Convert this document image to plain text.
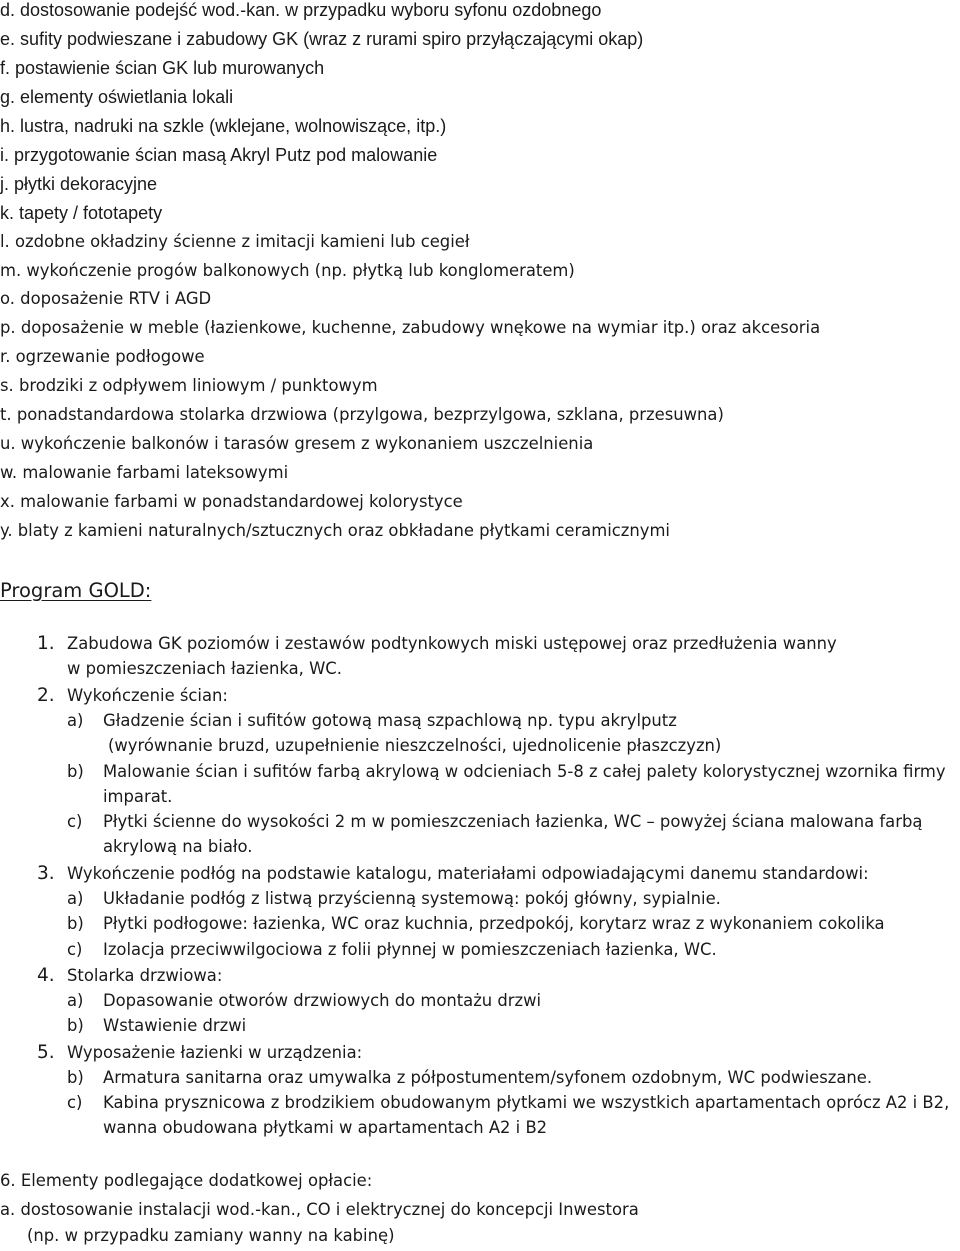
d. dostosowanie podejść wod.-kan. w przypadku wyboru syfonu ozdobnego
e. sufity podwieszane i zabudowy GK (wraz z rurami spiro przyłączającymi okap)
f. postawienie ścian GK lub murowanych
g. elementy oświetlania lokali
h. lustra, nadruki na szkle (wklejane, wolnowiszące, itp.)
i. przygotowanie ścian masą Akryl Putz pod malowanie
j. płytki dekoracyjne
k. tapety / fototapety
l. ozdobne okładziny ścienne z imitacji kamieni lub cegieł
m. wykończenie progów balkonowych (np. płytką lub konglomeratem)
o. doposażenie RTV i AGD
p. doposażenie w meble (łazienkowe, kuchenne, zabudowy wnękowe na wymiar itp.) oraz akcesoria
r. ogrzewanie podłogowe
s. brodziki z odpływem liniowym / punktowym
t. ponadstandardowa stolarka drzwiowa (przylgowa, bezprzylgowa, szklana, przesuwna)
u. wykończenie balkonów i tarasów gresem z wykonaniem uszczelnienia
w. malowanie farbami lateksowymi
x. malowanie farbami w ponadstandardowej kolorystyce
y. blaty z kamieni naturalnych/sztucznych oraz obkładane płytkami ceramicznymi
Program GOLD:
1. Zabudowa GK poziomów i zestawów podtynkowych miski ustępowej oraz przedłużenia wanny
w pomieszczeniach łazienka, WC.
2. Wykończenie ścian:
a) Gładzenie ścian i sufitów gotową masą szpachlową np. typu akrylputz
(wyrównanie bruzd, uzupełnienie nieszczelności, ujednolicenie płaszczyzn)
b) Malowanie ścian i sufitów farbą akrylową w odcieniach 5-8 z całej palety kolorystycznej wzornika firmy
imparat.
c) Płytki ścienne do wysokości 2 m w pomieszczeniach łazienka, WC – powyżej ściana malowana farbą
akrylową na biało.
3. Wykończenie podłóg na podstawie katalogu, materiałami odpowiadającymi danemu standardowi:
a) Układanie podłóg z listwą przyścienną systemową: pokój główny, sypialnie.
b) Płytki podłogowe: łazienka, WC oraz kuchnia, przedpokój, korytarz wraz z wykonaniem cokolika
c) Izolacja przeciwwilgociowa z folii płynnej w pomieszczeniach łazienka, WC.
4. Stolarka drzwiowa:
a) Dopasowanie otworów drzwiowych do montażu drzwi
b) Wstawienie drzwi
5. Wyposażenie łazienki w urządzenia:
b) Armatura sanitarna oraz umywalka z półpostumentem/syfonem ozdobnym, WC podwieszane.
c) Kabina prysznicowa z brodzikiem obudowanym płytkami we wszystkich apartamentach oprócz A2 i B2,
wanna obudowana płytkami w apartamentach A2 i B2
6. Elementy podlegające dodatkowej opłacie:
a. dostosowanie instalacji wod.-kan., CO i elektrycznej do koncepcji Inwestora
(np. w przypadku zamiany wanny na kabinę)
